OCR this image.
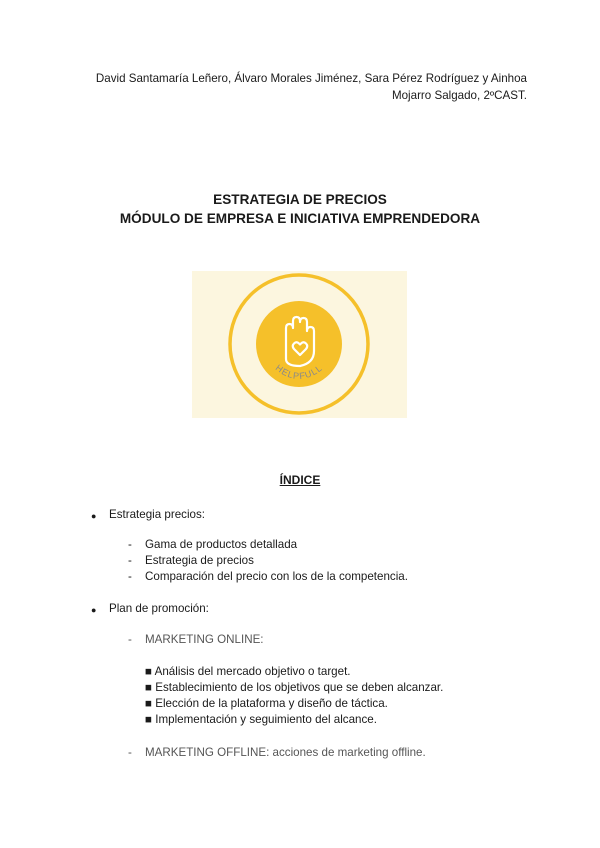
David Santamaría Leñero, Álvaro Morales Jiménez, Sara Pérez Rodríguez y Ainhoa
Mojarro Salgado, 2ºCAST.
ESTRATEGIA DE PRECIOS
MÓDULO DE EMPRESA E INICIATIVA EMPRENDEDORA
HELPFULL
ÍNDICE
● Estrategia precios:
- Gama de productos detallada
- Estrategia de precios
- Comparación del precio con los de la competencia.
● Plan de promoción:
- MARKETING ONLINE:
■ Análisis del mercado objetivo o target.
■ Establecimiento de los objetivos que se deben alcanzar.
■ Elección de la plataforma y diseño de táctica.
■ Implementación y seguimiento del alcance.
- MARKETING OFFLINE: acciones de marketing offline.
